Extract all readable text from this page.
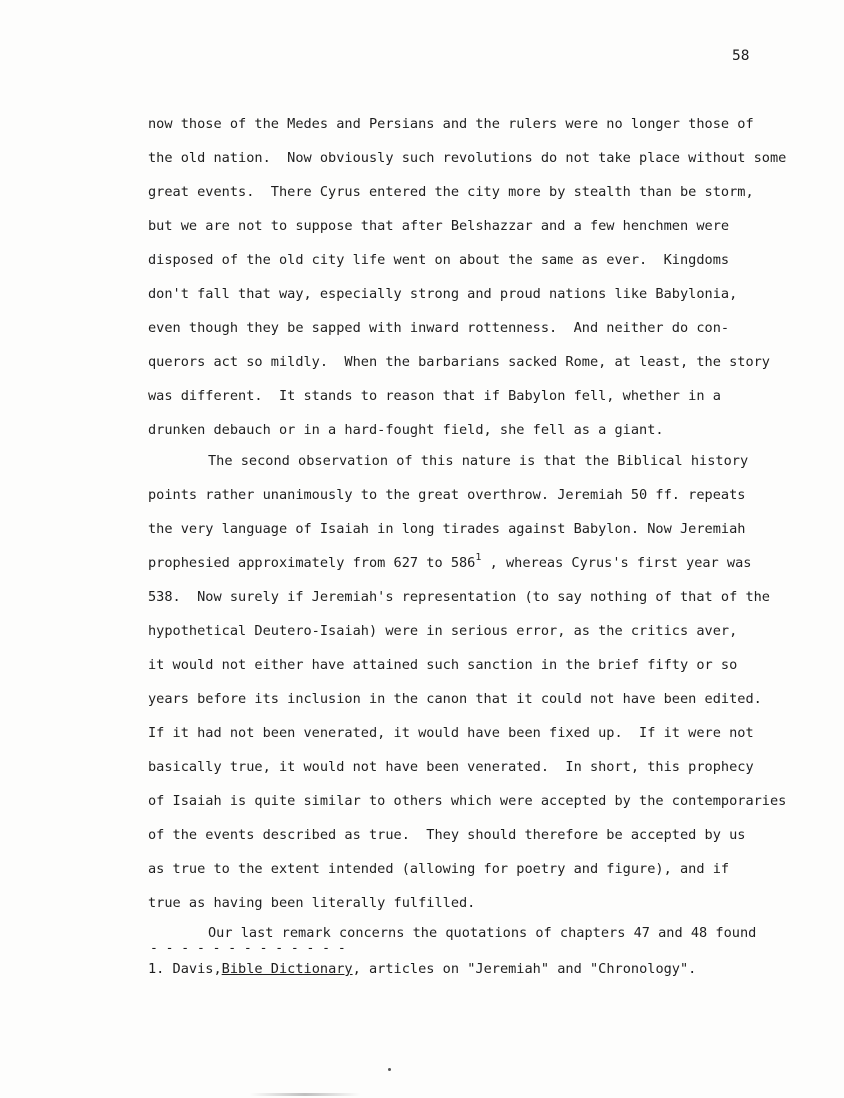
58
now those of the Medes and Persians and the rulers were no longer those of
the old nation.  Now obviously such revolutions do not take place without some
great events.  There Cyrus entered the city more by stealth than be storm,
but we are not to suppose that after Belshazzar and a few henchmen were
disposed of the old city life went on about the same as ever.  Kingdoms
don't fall that way, especially strong and proud nations like Babylonia,
even though they be sapped with inward rottenness.  And neither do con-
querors act so mildly.  When the barbarians sacked Rome, at least, the story
was different.  It stands to reason that if Babylon fell, whether in a
drunken debauch or in a hard-fought field, she fell as a giant.
The second observation of this nature is that the Biblical history
points rather unanimously to the great overthrow. Jeremiah 50 ff. repeats
the very language of Isaiah in long tirades against Babylon. Now Jeremiah
prophesied approximately from 627 to $586^1$ , whereas Cyrus's first year was
538.  Now surely if Jeremiah's representation (to say nothing of that of the
hypothetical Deutero-Isaiah) were in serious error, as the critics aver,
it would not either have attained such sanction in the brief fifty or so
years before its inclusion in the canon that it could not have been edited.
If it had not been venerated, it would have been fixed up.  If it were not
basically true, it would not have been venerated.  In short, this prophecy
of Isaiah is quite similar to others which were accepted by the contemporaries
of the events described as true.  They should therefore be accepted by us
as true to the extent intended (allowing for poetry and figure), and if
true as having been literally fulfilled.
Our last remark concerns the quotations of chapters 47 and 48 found
- - - - - - - - - - - - -
1. Davis,Bible Dictionary, articles on "Jeremiah" and "Chronology".
